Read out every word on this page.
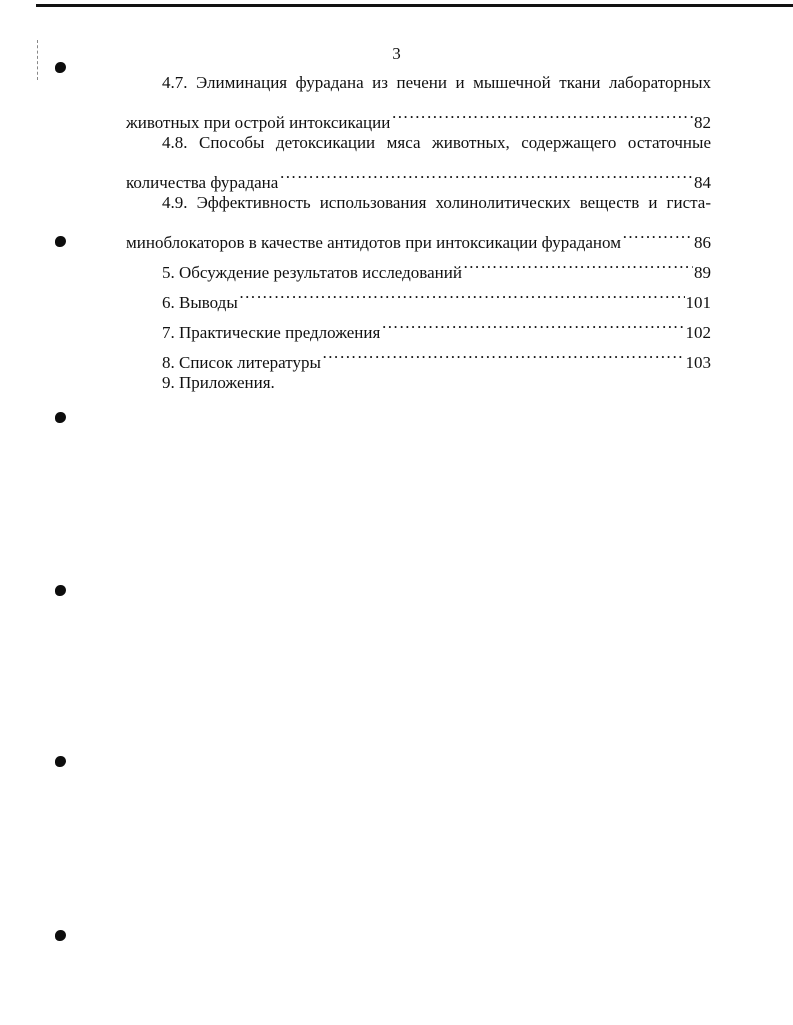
3
4.7. Элиминация фурадана из печени и мышечной ткани лабораторных
животных при острой интоксикации ……………………………………………………………………………………………………………………………	82
4.8. Способы детоксикации мяса животных, содержащего остаточные
количества фурадана ……………………………………………………………………………………………………………………………	84
4.9. Эффективность использования холинолитических веществ и гиста-
миноблокаторов в качестве антидотов при интоксикации фураданом ……………………………………………………………………………………………………………………………	86
5. Обсуждение результатов исследований ……………………………………………………………………………………………………………………………	89
6. Выводы ……………………………………………………………………………………………………………………………	101
7. Практические предложения ……………………………………………………………………………………………………………………………	102
8. Список литературы ……………………………………………………………………………………………………………………………	103
9. Приложения.
